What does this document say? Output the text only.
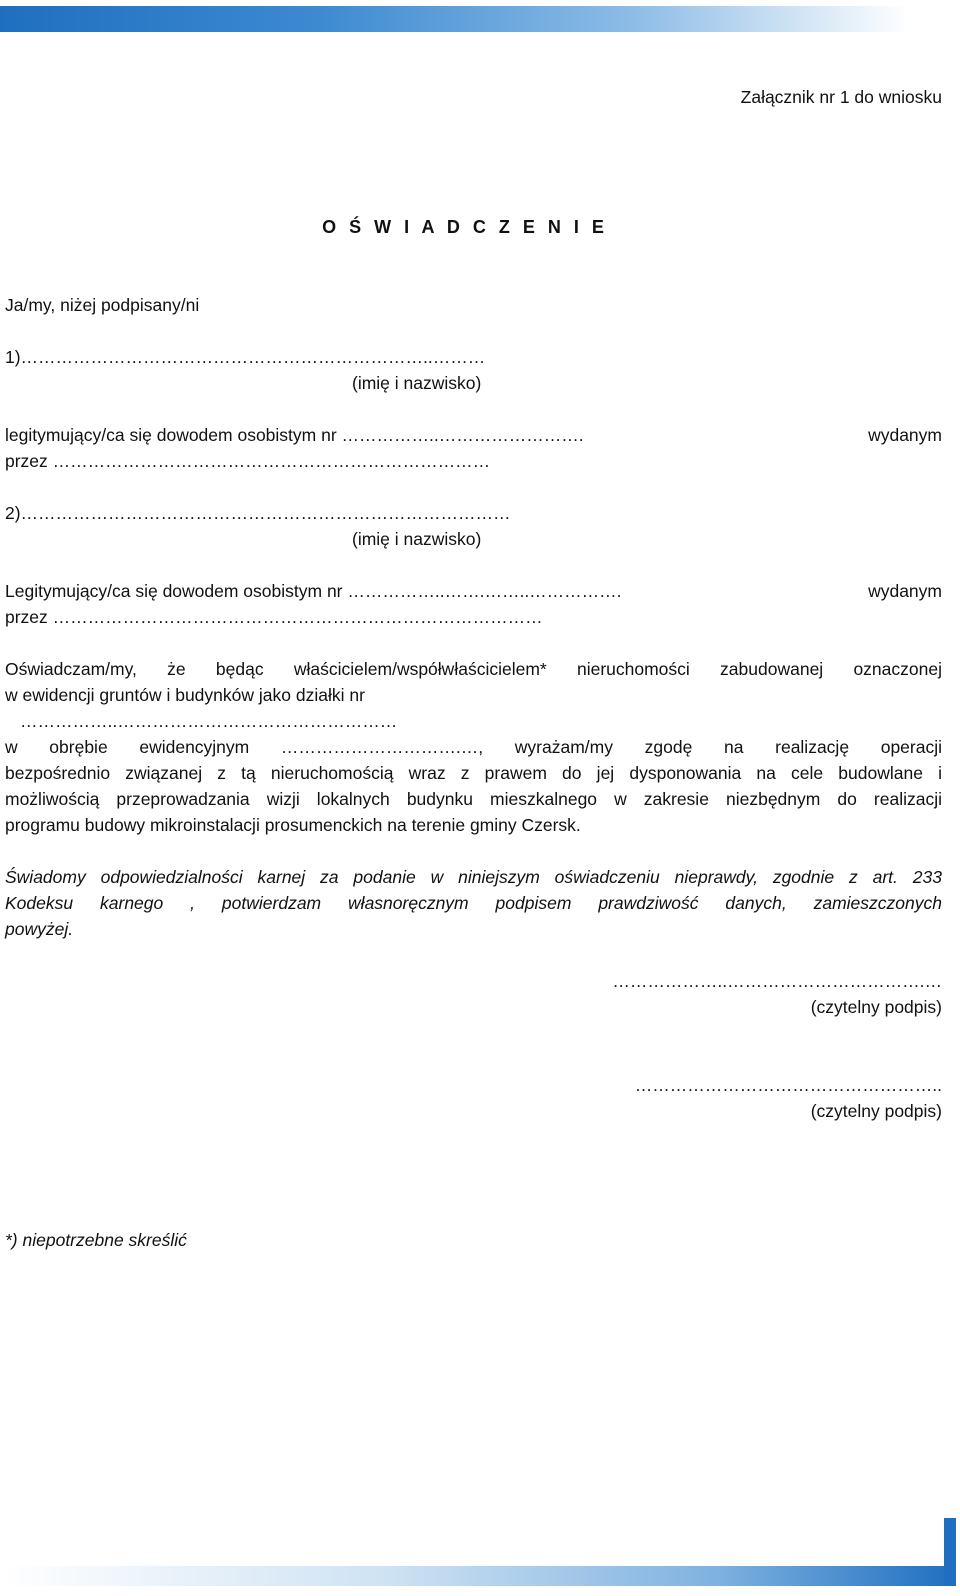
Załącznik nr 1 do wniosku
O Ś W I A D C Z E N I E
Ja/my, niżej podpisany/ni
1)……………………………………………………………..………
(imię i nazwisko)
legitymujący/ca się dowodem osobistym nr ……………..…………………….	wydanym
przez …………………………………………………………………
2)…………………………………………………………………………
(imię i nazwisko)
Legitymujący/ca się dowodem osobistym nr ……………..…….……..…………….	wydanym
przez …………………………………………………………………………
Oświadczam/my, że będąc właścicielem/współwłaścicielem* nieruchomości zabudowanej oznaczonej
w ewidencji gruntów i budynków jako działki nr
……………..…………………………………………
w obrębie ewidencyjnym ………………………….…, wyrażam/my zgodę na realizację operacji
bezpośrednio związanej z tą nieruchomością wraz z prawem do jej dysponowania na cele budowlane i
możliwością przeprowadzania wizji lokalnych budynku mieszkalnego w zakresie niezbędnym do realizacji
programu budowy mikroinstalacji prosumenckich na terenie gminy Czersk.
Świadomy odpowiedzialności karnej za podanie w niniejszym oświadczeniu nieprawdy, zgodnie z art. 233
Kodeksu karnego , potwierdzam własnoręcznym podpisem prawdziwość danych, zamieszczonych
powyżej.
………………..…………………………….…
(czytelny podpis)
……………………………………………..
(czytelny podpis)
*) niepotrzebne skreślić
